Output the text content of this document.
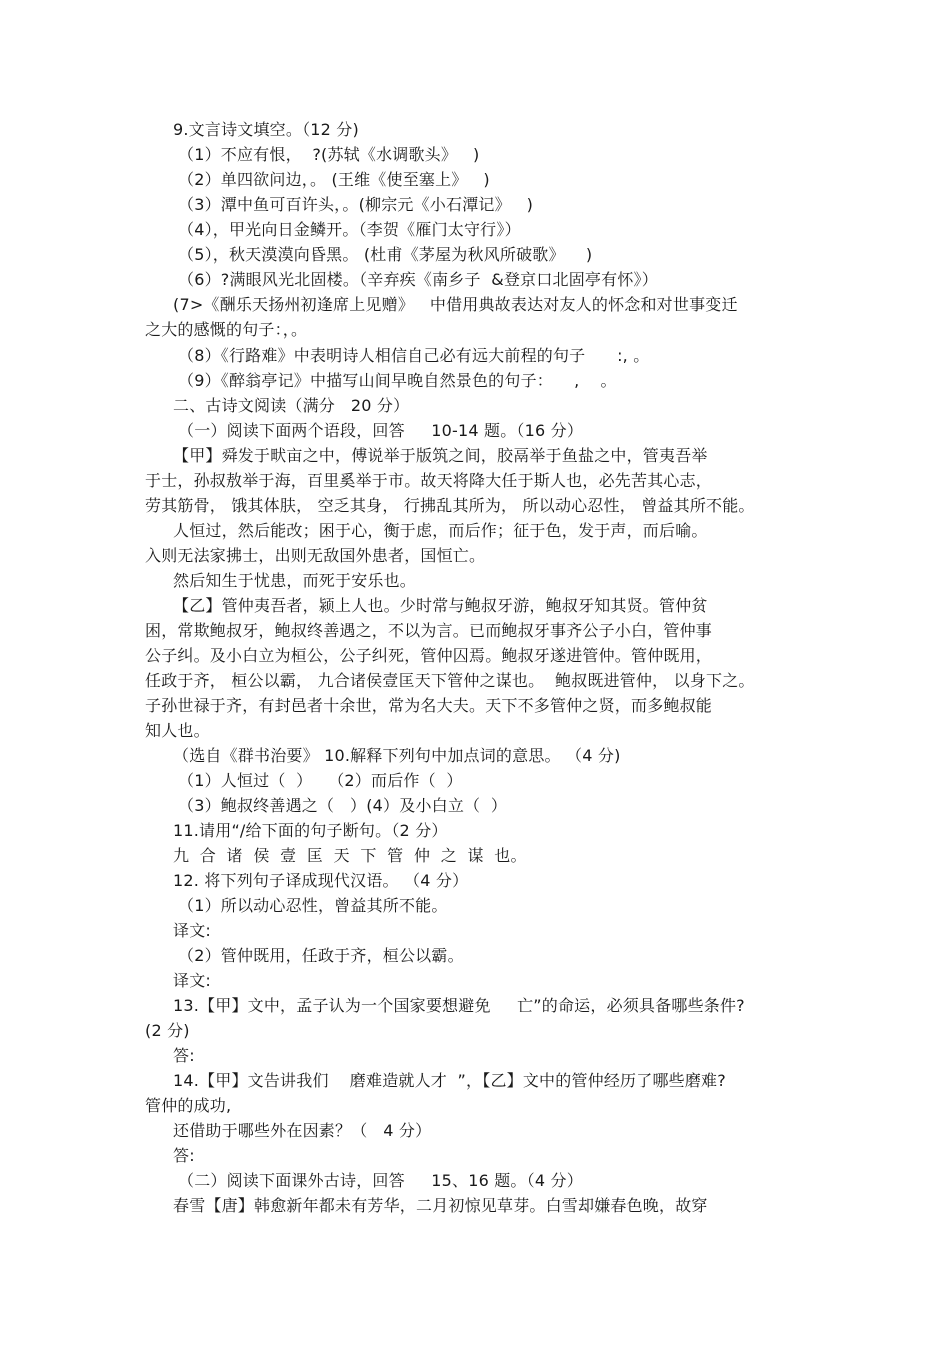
9.文言诗文填空。（12 分)
（1）不应有恨，  ?(苏轼《水调歌头》   )
（2）单四欲问边，。 (王维《使至塞上》   )
（3）潭中鱼可百许头，。(柳宗元《小石潭记》   )
（4），甲光向日金鳞开。（李贺《雁门太守行》）
（5），秋天漠漠向昏黑。 (杜甫《茅屋为秋风所破歌》    )
（6）?满眼风光北固楼。（辛弃疾《南乡子  &登京口北固亭有怀》）
(7>《酬乐天扬州初逢席上见赠》   中借用典故表达对友人的怀念和对世事变迁
之大的感慨的句子：，。
（8）《行路难》中表明诗人相信自己必有远大前程的句子      :, 。
（9）《醉翁亭记》中描写山间早晚自然景色的句子：    ,    。
二、古诗文阅读（满分   20 分）
（一）阅读下面两个语段，回答     10-14 题。（16 分）
【甲】舜发于畎亩之中，傅说举于版筑之间，胶鬲举于鱼盐之中，管夷吾举
于士，孙叔敖举于海，百里奚举于市。故天将降大任于斯人也，必先苦其心志，
劳其筋骨， 饿其体肤， 空乏其身， 行拂乱其所为， 所以动心忍性， 曾益其所不能。
人恒过，然后能改；困于心，衡于虑，而后作；征于色，发于声，而后喻。
入则无法家拂士，出则无敌国外患者，国恒亡。
然后知生于忧患，而死于安乐也。
【乙】管仲夷吾者，颍上人也。少时常与鲍叔牙游，鲍叔牙知其贤。管仲贫
困，常欺鲍叔牙，鲍叔终善遇之，不以为言。已而鲍叔牙事齐公子小白，管仲事
公子纠。及小白立为桓公，公子纠死，管仲囚焉。鲍叔牙遂进管仲。管仲既用，
任政于齐， 桓公以霸， 九合诸侯壹匡天下管仲之谋也。  鲍叔既进管仲， 以身下之。
子孙世禄于齐，有封邑者十余世，常为名大夫。天下不多管仲之贤，而多鲍叔能
知人也。
（选自《群书治要》 10.解释下列句中加点词的意思。 （4 分)
（1）人恒过（  ）   （2）而后作（  ）
（3）鲍叔终善遇之（   ）(4）及小白立（  ）
11.请用“/给下面的句子断句。（2 分）
九  合  诸  侯  壹  匡  天  下  管  仲  之  谋  也。
12. 将下列句子译成现代汉语。 （4 分）
（1）所以动心忍性，曾益其所不能。
译文:
（2）管仲既用，任政于齐，桓公以霸。
译文:
13.【甲】文中，孟子认为一个国家要想避免     亡”的命运，必须具备哪些条件?
(2 分)
答:
14.【甲】文告讲我们    磨难造就人才  ”，【乙】文中的管仲经历了哪些磨难?
管仲的成功,
还借助于哪些外在因素？（   4 分）
答:
（二）阅读下面课外古诗，回答     15、16 题。（4 分）
春雪【唐】韩愈新年都未有芳华，二月初惊见草芽。白雪却嫌春色晚，故穿
